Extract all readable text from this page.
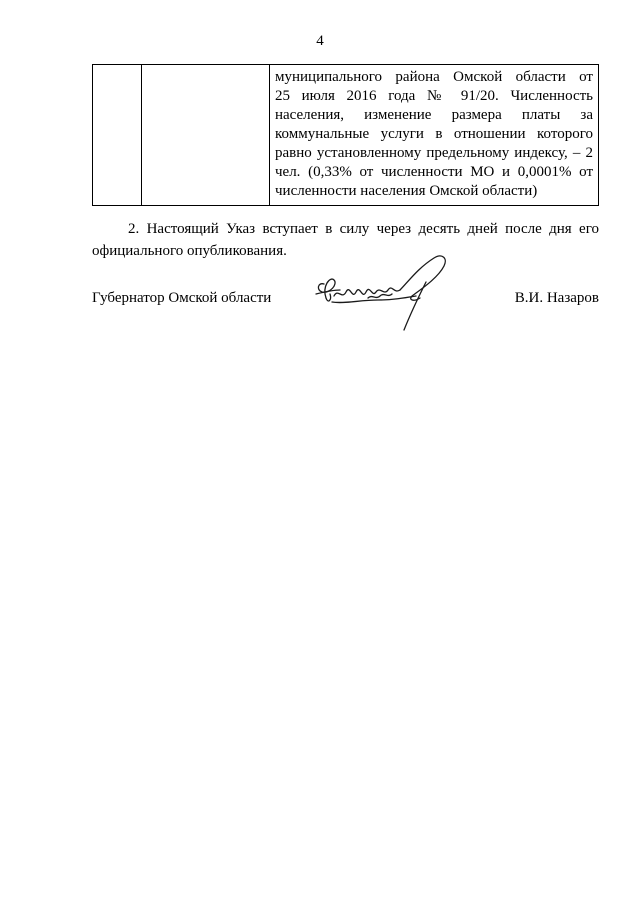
4

муниципального района Омской области от
25 июля 2016 года № 91/20. Численность
населения, изменение размера платы за
коммунальные услуги в отношении которого
равно установленному предельному индексу, – 2
чел. (0,33% от численности МО и 0,0001% от
численности населения Омской области)
2. Настоящий Указ вступает в силу через десять дней после дня его
официального опубликования.
Губернатор Омской области	В.И. Назаров
